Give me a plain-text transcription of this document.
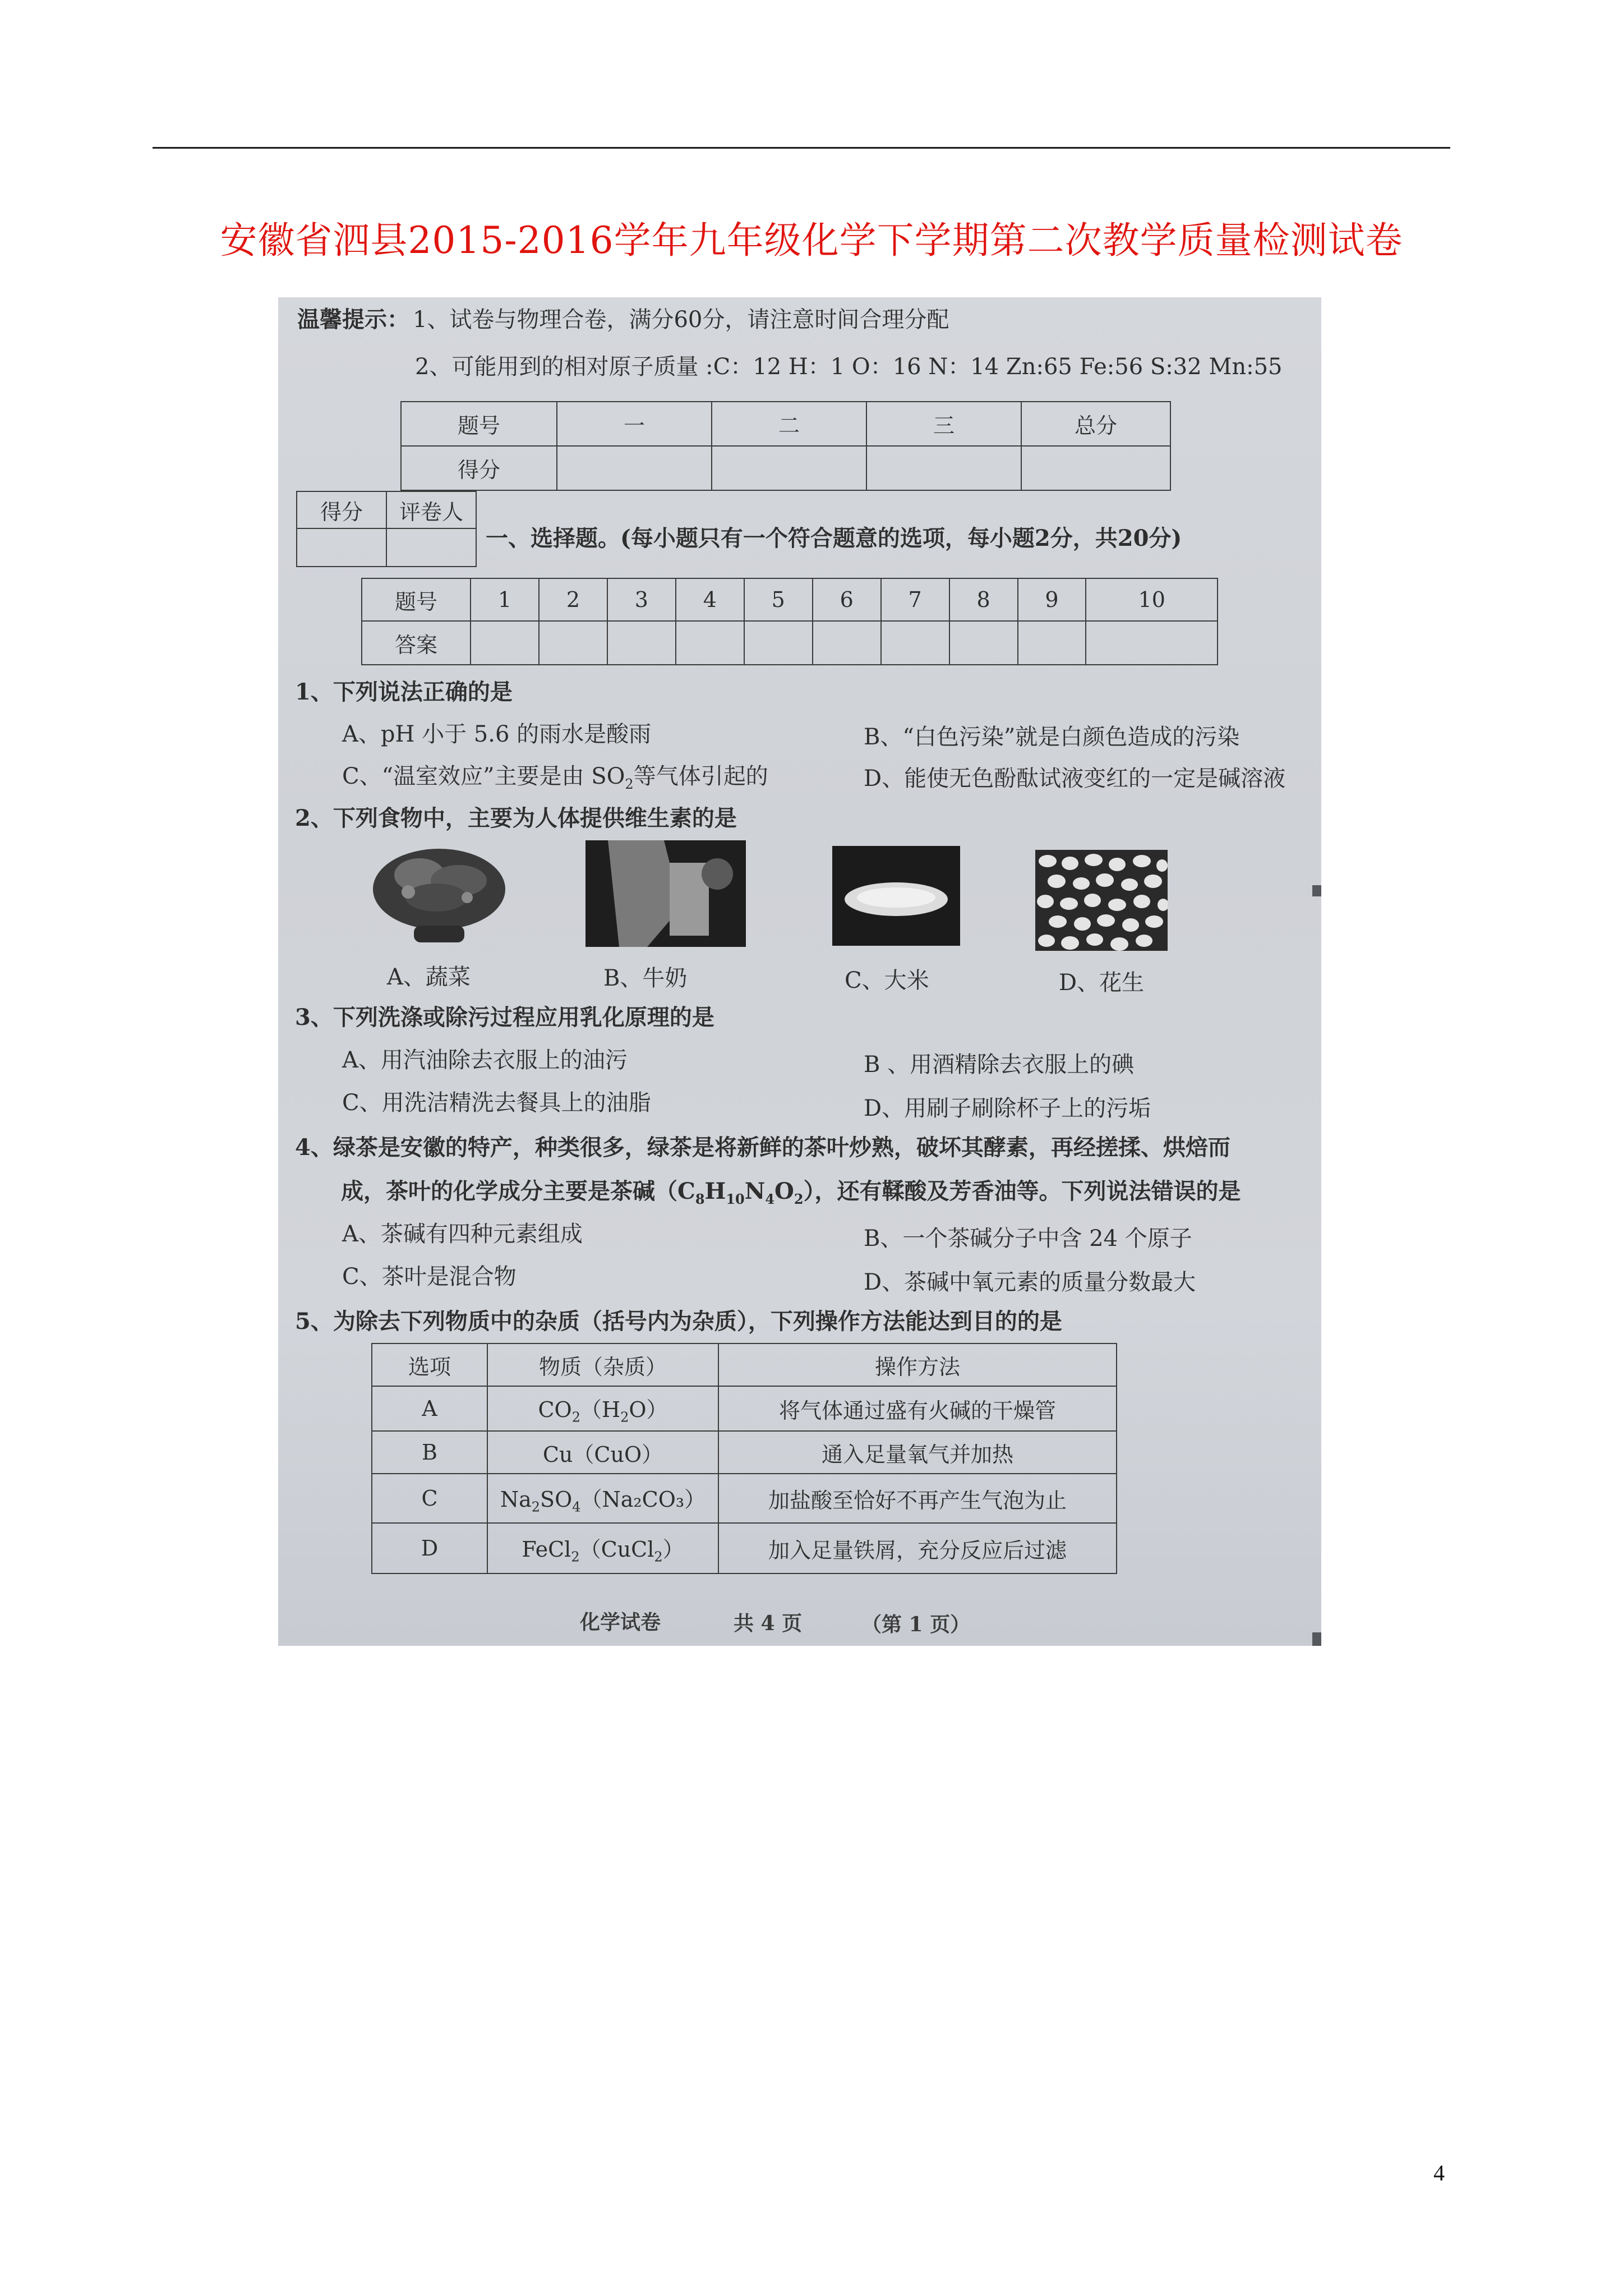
安徽省泗县2015-2016学年九年级化学下学期第二次教学质量检测试卷
温馨提示： 1、试卷与物理合卷，满分60分，请注意时间合理分配
2、可能用到的相对原子质量 :C：12 H：1 O：16 N：14 Zn:65 Fe:56 S:32 Mn:55
题号	一	二	三	总分
得分				
得分	评卷人

一、选择题。(每小题只有一个符合题意的选项，每小题2分，共20分)
题号	1	2	3	4	5	6	7	8	9	10
答案										
1、下列说法正确的是
A、pH 小于 5.6 的雨水是酸雨	B、“白色污染”就是白颜色造成的污染
C、“温室效应”主要是由 $SO_2$等气体引起的	D、能使无色酚酞试液变红的一定是碱溶液
2、下列食物中，主要为人体提供维生素的是
A、蔬菜	B、牛奶	C、大米	D、花生
3、下列洗涤或除污过程应用乳化原理的是
A、用汽油除去衣服上的油污	B 、用酒精除去衣服上的碘
C、用洗洁精洗去餐具上的油脂	D、用刷子刷除杯子上的污垢
4、绿茶是安徽的特产，种类很多，绿茶是将新鲜的茶叶炒熟，破坏其酵素，再经搓揉、烘焙而
成，茶叶的化学成分主要是茶碱$(C_8H_{10}N_4O_2)$，还有鞣酸及芳香油等。下列说法错误的是
A、茶碱有四种元素组成	B、一个茶碱分子中含 24 个原子
C、茶叶是混合物	D、茶碱中氧元素的质量分数最大
5、为除去下列物质中的杂质（括号内为杂质），下列操作方法能达到目的的是
选项	物质（杂质）	操作方法
A	$CO_2(H_2O)$	将气体通过盛有火碱的干燥管
B	Cu（CuO）	通入足量氧气并加热
C	$Na_2SO_4(Na_2CO_3)$	加盐酸至恰好不再产生气泡为止
D	FeCl$_2$（CuCl$_2$）	加入足量铁屑，充分反应后过滤
化学试卷	共 4 页	（第 1 页）
4
